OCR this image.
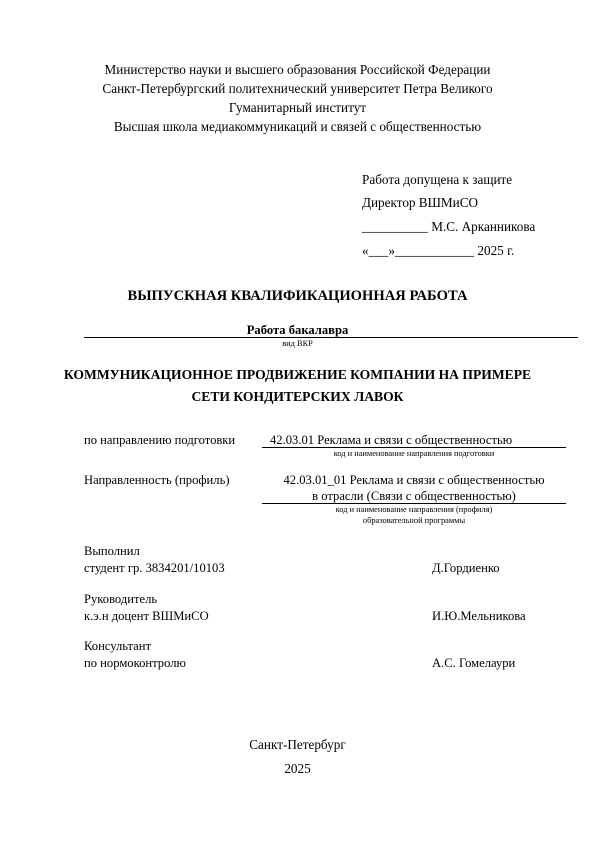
Министерство науки и высшего образования Российской Федерации
Санкт-Петербургский политехнический университет Петра Великого
Гуманитарный институт
Высшая школа медиакоммуникаций и связей с общественностью
Работа допущена к защите
Директор ВШМиСО
__________ М.С. Арканникова
«___»____________ 2025 г.
ВЫПУСКНАЯ КВАЛИФИКАЦИОННАЯ РАБОТА
Работа бакалавра
вид ВКР
КОММУНИКАЦИОННОЕ ПРОДВИЖЕНИЕ КОМПАНИИ НА ПРИМЕРЕ
СЕТИ КОНДИТЕРСКИХ ЛАВОК
по направлению подготовки	42.03.01 Реклама и связи с общественностью
код и наименование направления подготовки
Направленность (профиль)	42.03.01_01 Реклама и связи с общественностью
в отрасли (Связи с общественностью)
код и наименование направления (профиля)
образовательной программы
Выполнил
студент гр. 3834201/10103	Д.Гордиенко
Руководитель
к.э.н доцент ВШМиСО	И.Ю.Мельникова
Консультант
по нормоконтролю	А.С. Гомелаури
Санкт-Петербург
2025
